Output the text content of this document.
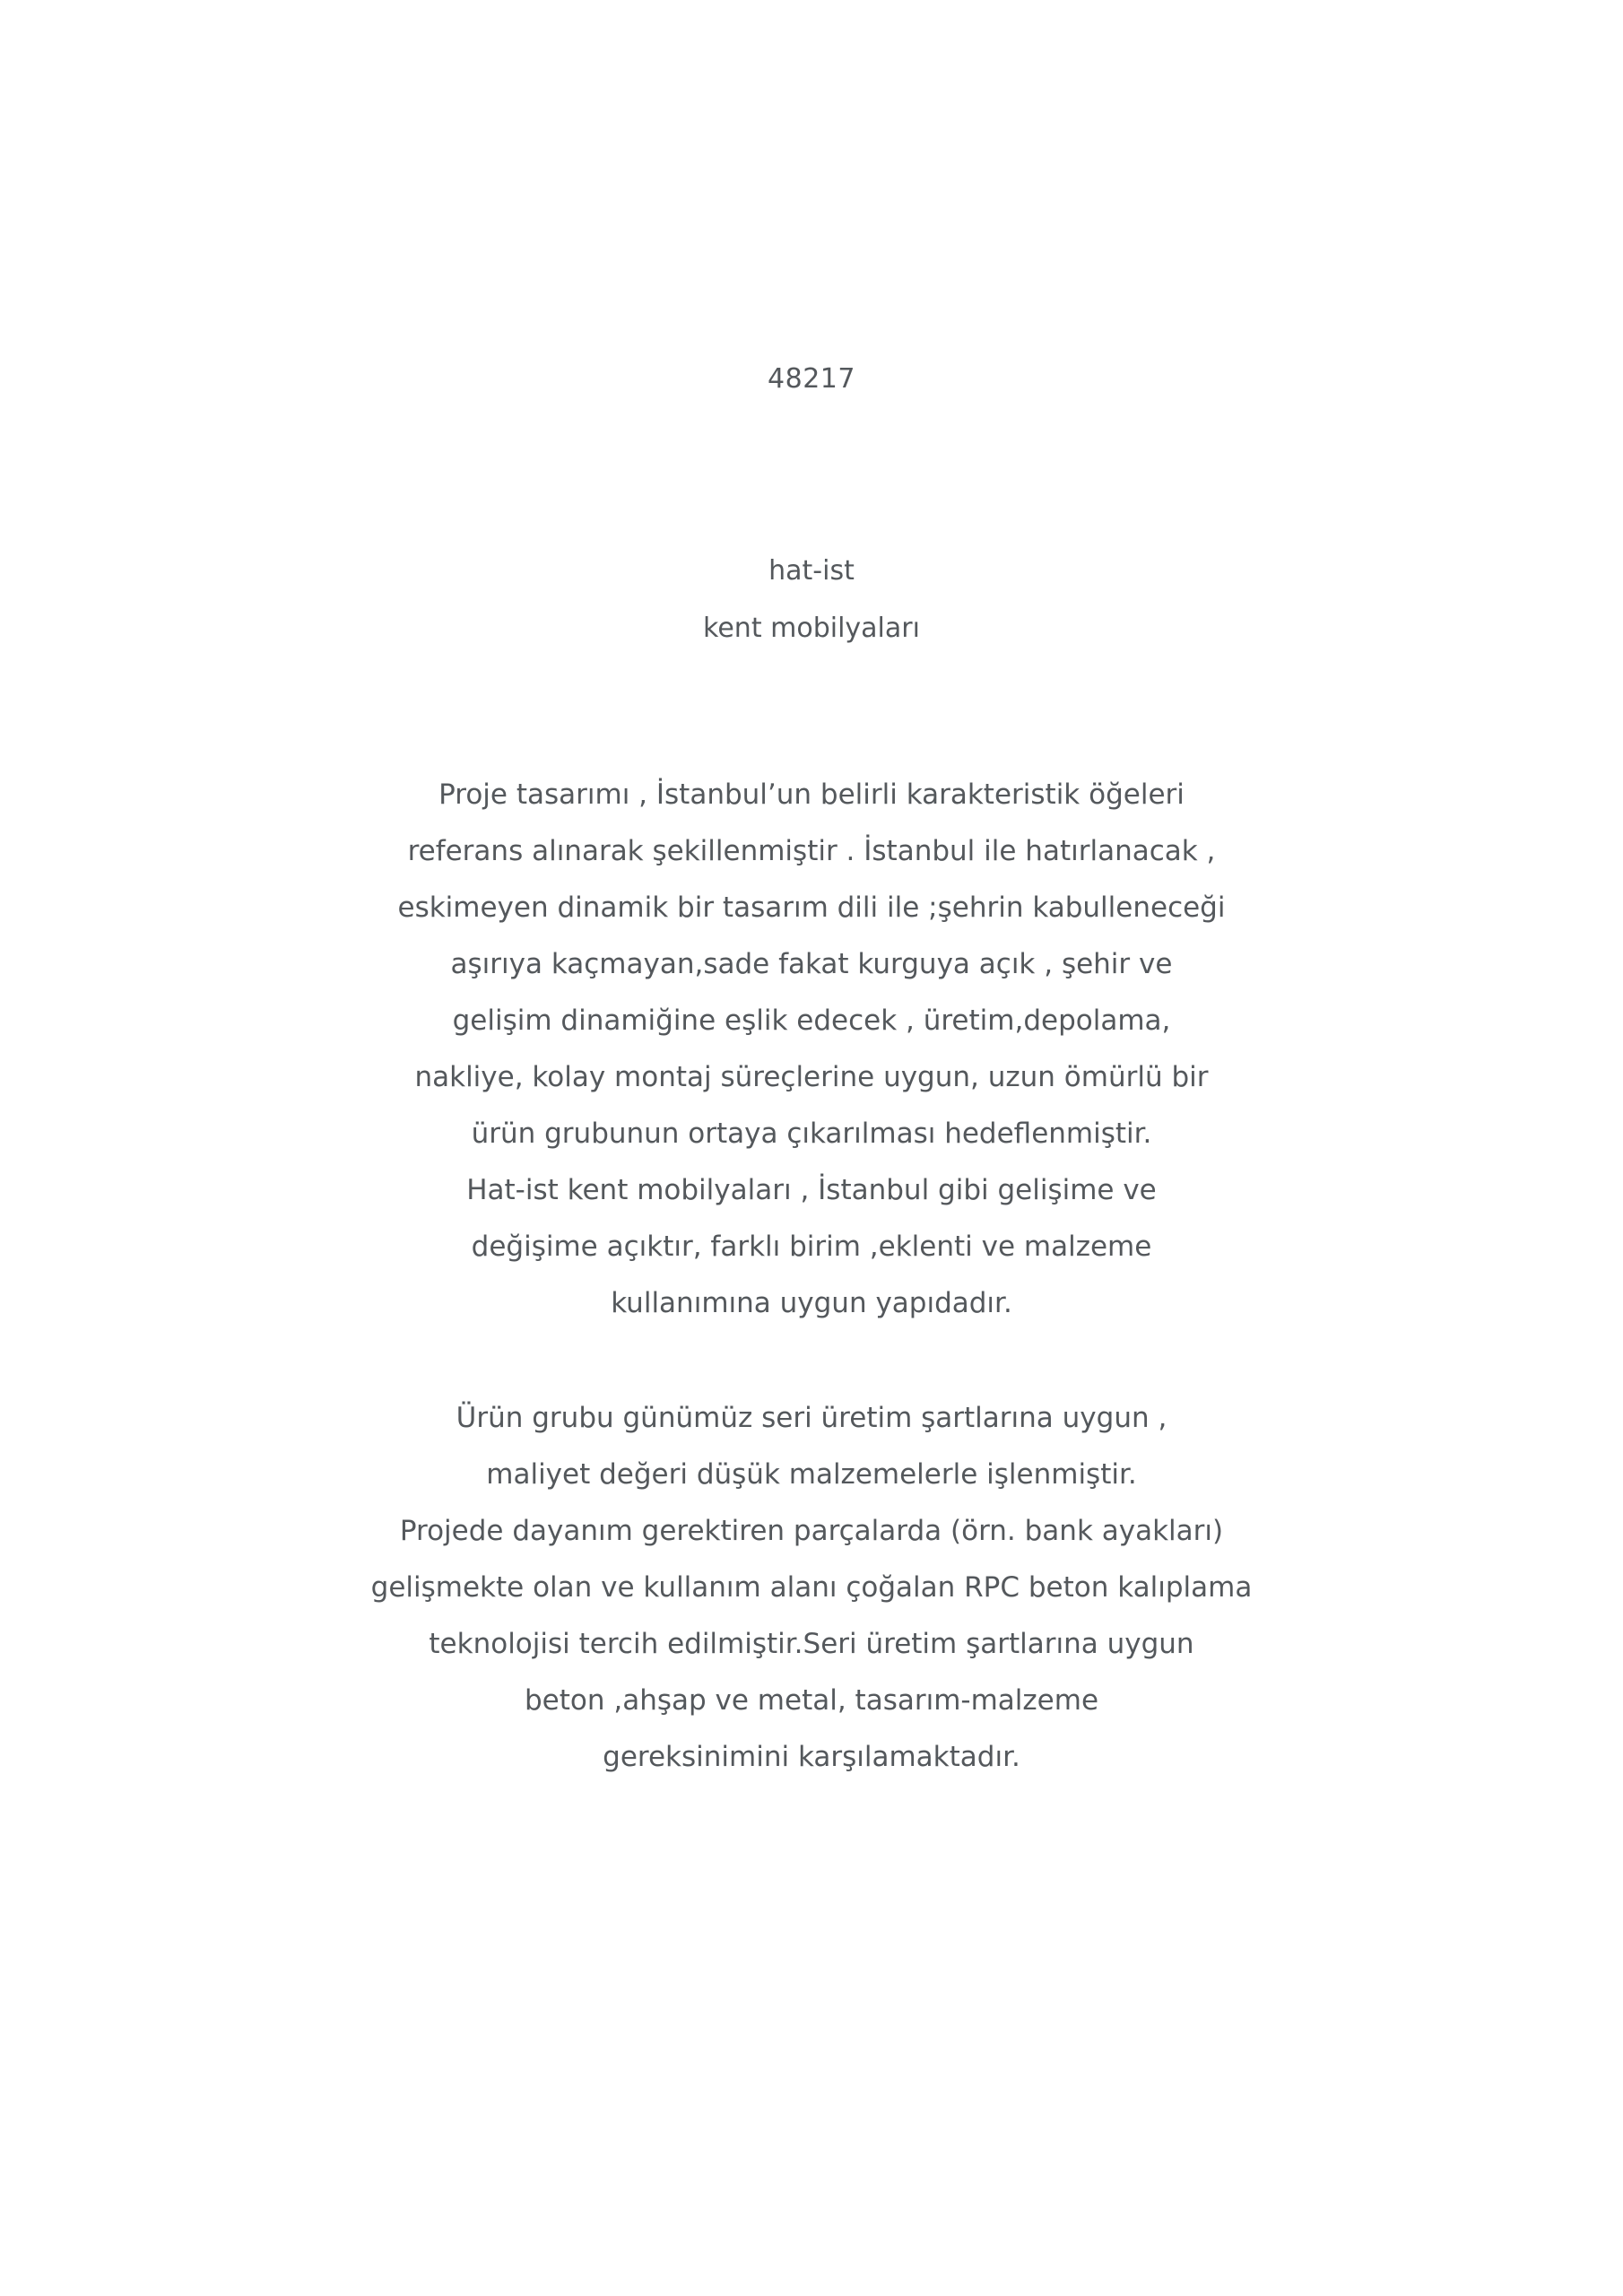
48217
hat-ist
kent mobilyaları
Proje tasarımı , İstanbul’un belirli karakteristik öğeleri
referans alınarak şekillenmiştir . İstanbul ile hatırlanacak ,
eskimeyen dinamik bir tasarım dili ile ;şehrin kabulleneceği
aşırıya kaçmayan,sade fakat kurguya açık , şehir ve
gelişim dinamiğine eşlik edecek , üretim,depolama,
nakliye, kolay montaj süreçlerine uygun, uzun ömürlü bir
ürün grubunun ortaya çıkarılması hedeflenmiştir.
Hat-ist kent mobilyaları , İstanbul gibi gelişime ve
değişime açıktır, farklı birim ,eklenti ve malzeme
kullanımına uygun yapıdadır.
Ürün grubu günümüz seri üretim şartlarına uygun ,
maliyet değeri düşük malzemelerle işlenmiştir.
Projede dayanım gerektiren parçalarda (örn. bank ayakları)
gelişmekte olan ve kullanım alanı çoğalan RPC beton kalıplama
teknolojisi tercih edilmiştir.Seri üretim şartlarına uygun
beton ,ahşap ve metal, tasarım-malzeme
gereksinimini karşılamaktadır.
